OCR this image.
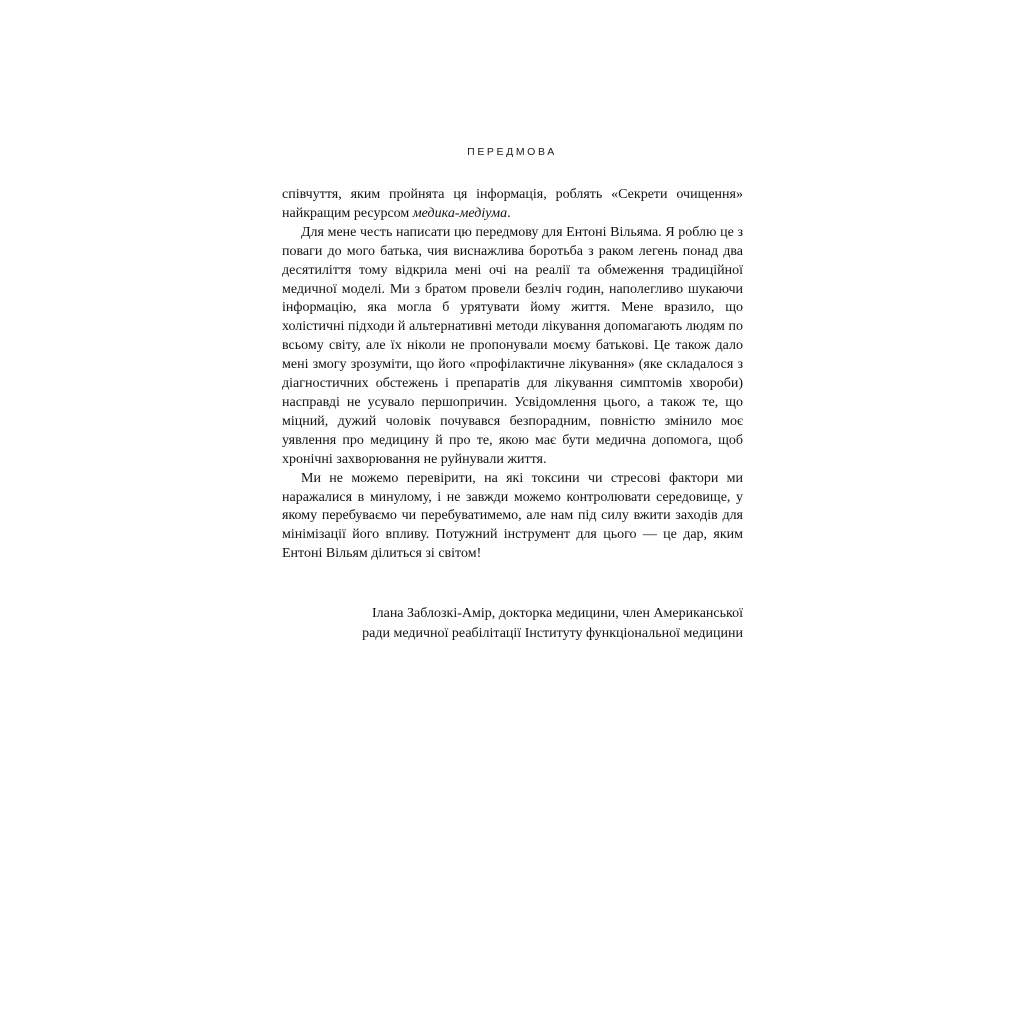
ПЕРЕДМОВА

співчуття, яким пройнята ця інформація, роблять «Секрети очищення» найкращим ресурсом медика-медіума.

Для мене честь написати цю передмову для Ентоні Вільяма. Я роблю це з поваги до мого батька, чия виснажлива боротьба з раком легень понад два десятиліття тому відкрила мені очі на реалії та обмеження традиційної медичної моделі. Ми з братом провели безліч годин, наполегливо шукаючи інформацію, яка могла б урятувати йому життя. Мене вразило, що холістичні підходи й альтернативні методи лікування допомагають людям по всьому світу, але їх ніколи не пропонували моєму батькові. Це також дало мені змогу зрозуміти, що його «профілактичне лікування» (яке складалося з діагностичних обстежень і препаратів для лікування симптомів хвороби) насправді не усувало першопричин. Усвідомлення цього, а також те, що міцний, дужий чоловік почувався безпорадним, повністю змінило моє уявлення про медицину й про те, якою має бути медична допомога, щоб хронічні захворювання не руйнували життя.

Ми не можемо перевірити, на які токсини чи стресові фактори ми наражалися в минулому, і не завжди можемо контролювати середовище, у якому перебуваємо чи перебуватимемо, але нам під силу вжити заходів для мінімізації його впливу. Потужний інструмент для цього — це дар, яким Ентоні Вільям ділиться зі світом!

Ілана Заблозкі-Амір, докторка медицини, член Американської
ради медичної реабілітації Інституту функціональної медицини
